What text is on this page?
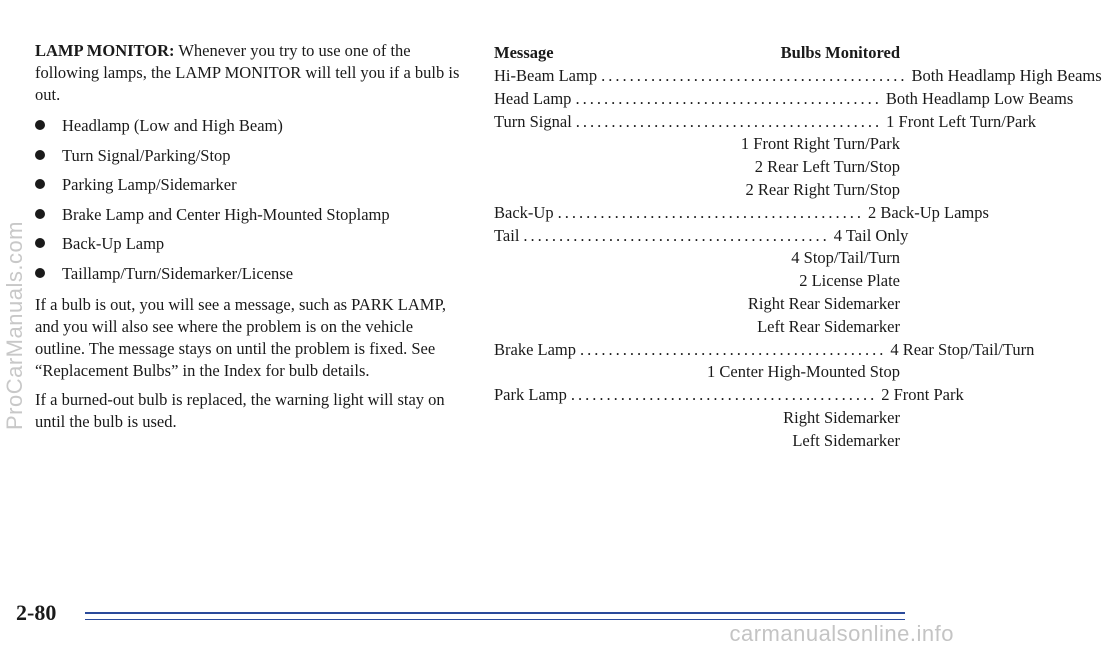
LAMP MONITOR: Whenever you try to use one of the following lamps, the LAMP MONITOR will tell you if a bulb is out.

Headlamp (Low and High Beam)
Turn Signal/Parking/Stop
Parking Lamp/Sidemarker
Brake Lamp and Center High-Mounted Stoplamp
Back-Up Lamp
Taillamp/Turn/Sidemarker/License

If a bulb is out, you will see a message, such as PARK LAMP, and you will also see where the problem is on the vehicle outline. The message stays on until the problem is fixed. See “Replacement Bulbs” in the Index for bulb details.

If a burned-out bulb is replaced, the warning light will stay on until the bulb is used.

Message	Bulbs Monitored
Hi-Beam Lamp ........................................... Both Headlamp High Beams
Head Lamp ........................................... Both Headlamp Low Beams
Turn Signal ........................................... 1 Front Left Turn/Park
1 Front Right Turn/Park
2 Rear Left Turn/Stop
2 Rear Right Turn/Stop
Back-Up ........................................... 2 Back-Up Lamps
Tail ........................................... 4 Tail Only
4 Stop/Tail/Turn
2 License Plate
Right Rear Sidemarker
Left Rear Sidemarker
Brake Lamp ........................................... 4 Rear Stop/Tail/Turn
1 Center High-Mounted Stop
Park Lamp ........................................... 2 Front Park
Right Sidemarker
Left Sidemarker
2-80
ProCarManuals.com
carmanualsonline.info
